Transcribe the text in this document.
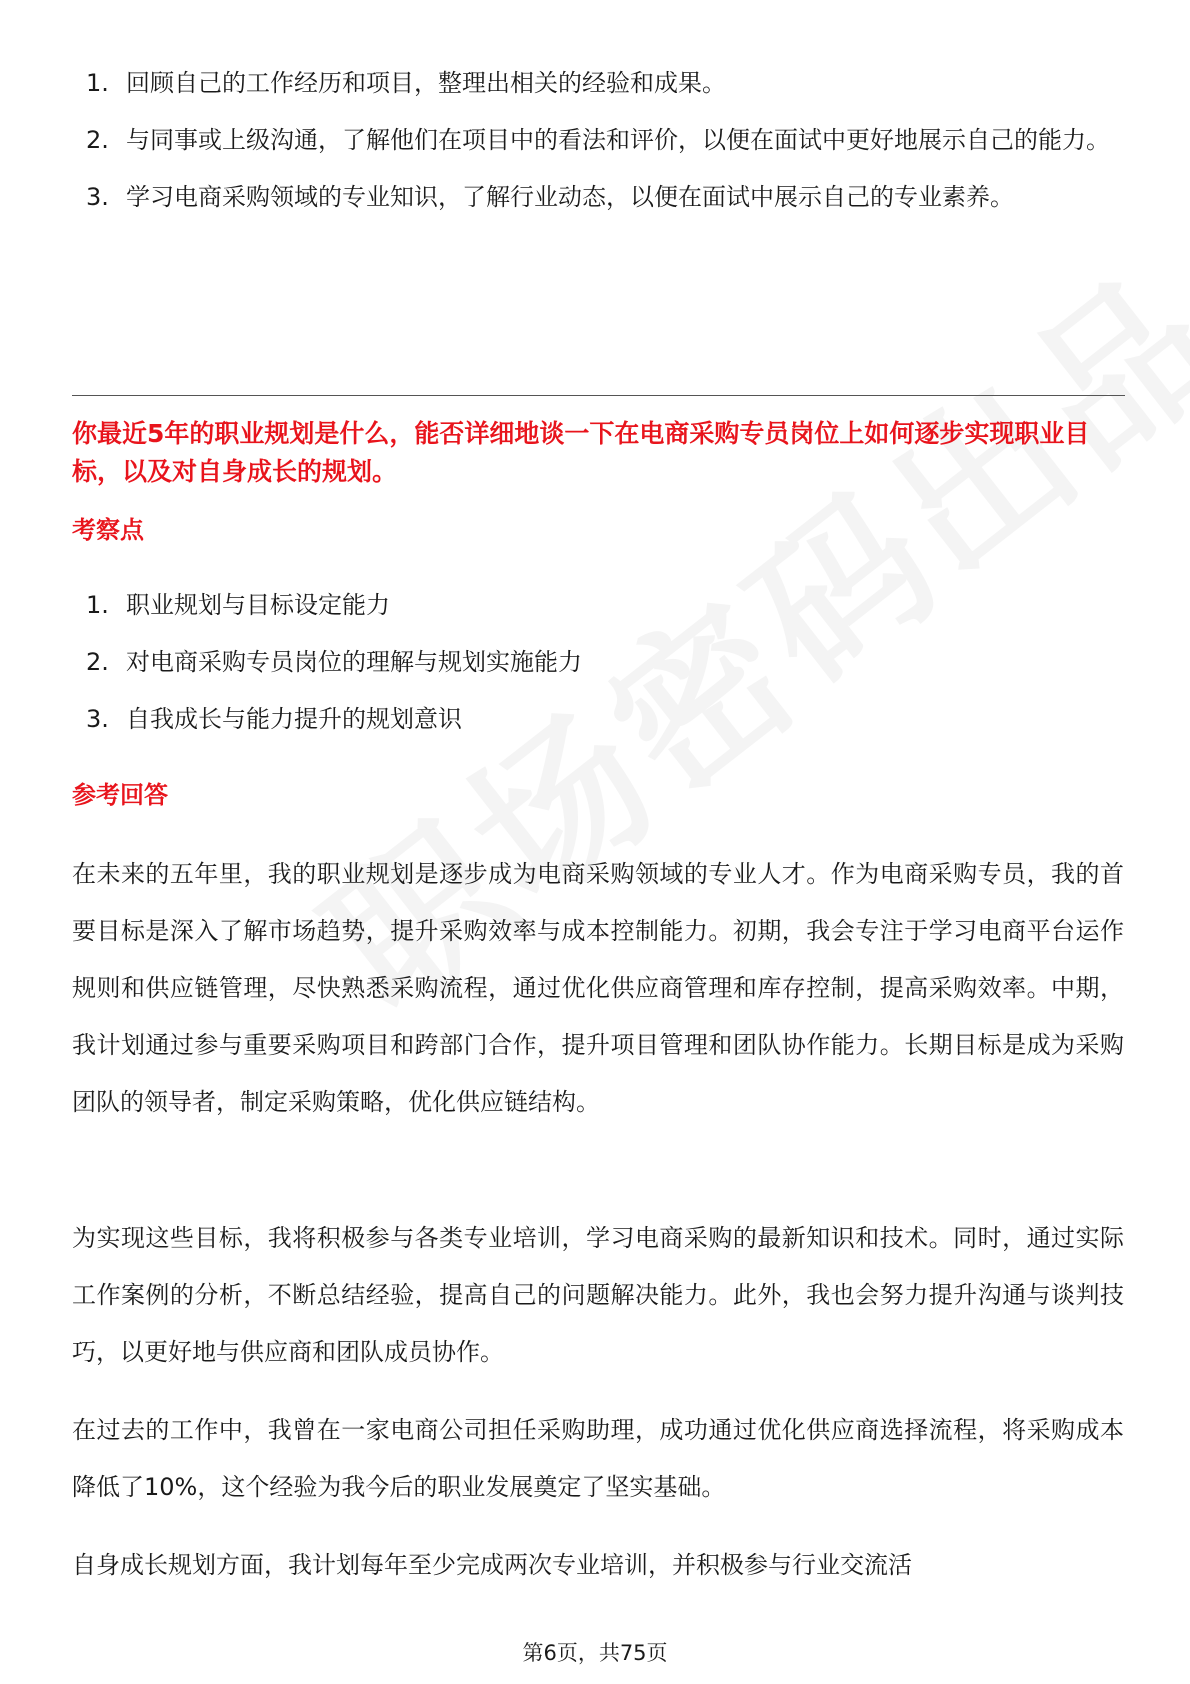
1. 回顾自己的工作经历和项目，整理出相关的经验和成果。
2. 与同事或上级沟通，了解他们在项目中的看法和评价，以便在面试中更好地展示自己的能力。
3. 学习电商采购领域的专业知识，了解行业动态，以便在面试中展示自己的专业素养。
你最近5年的职业规划是什么，能否详细地谈一下在电商采购专员岗位上如何逐步实现职业目标，以及对自身成长的规划。
考察点
1. 职业规划与目标设定能力
2. 对电商采购专员岗位的理解与规划实施能力
3. 自我成长与能力提升的规划意识
参考回答

在未来的五年里，我的职业规划是逐步成为电商采购领域的专业人才。作为电商采购专员，我的首要目标是深入了解市场趋势，提升采购效率与成本控制能力。初期，我会专注于学习电商平台运作规则和供应链管理，尽快熟悉采购流程，通过优化供应商管理和库存控制，提高采购效率。中期，我计划通过参与重要采购项目和跨部门合作，提升项目管理和团队协作能力。长期目标是成为采购团队的领导者，制定采购策略，优化供应链结构。

为实现这些目标，我将积极参与各类专业培训，学习电商采购的最新知识和技术。同时，通过实际工作案例的分析，不断总结经验，提高自己的问题解决能力。此外，我也会努力提升沟通与谈判技巧，以更好地与供应商和团队成员协作。

在过去的工作中，我曾在一家电商公司担任采购助理，成功通过优化供应商选择流程，将采购成本降低了10%，这个经验为我今后的职业发展奠定了坚实基础。

自身成长规划方面，我计划每年至少完成两次专业培训，并积极参与行业交流活

第6页，共75页
